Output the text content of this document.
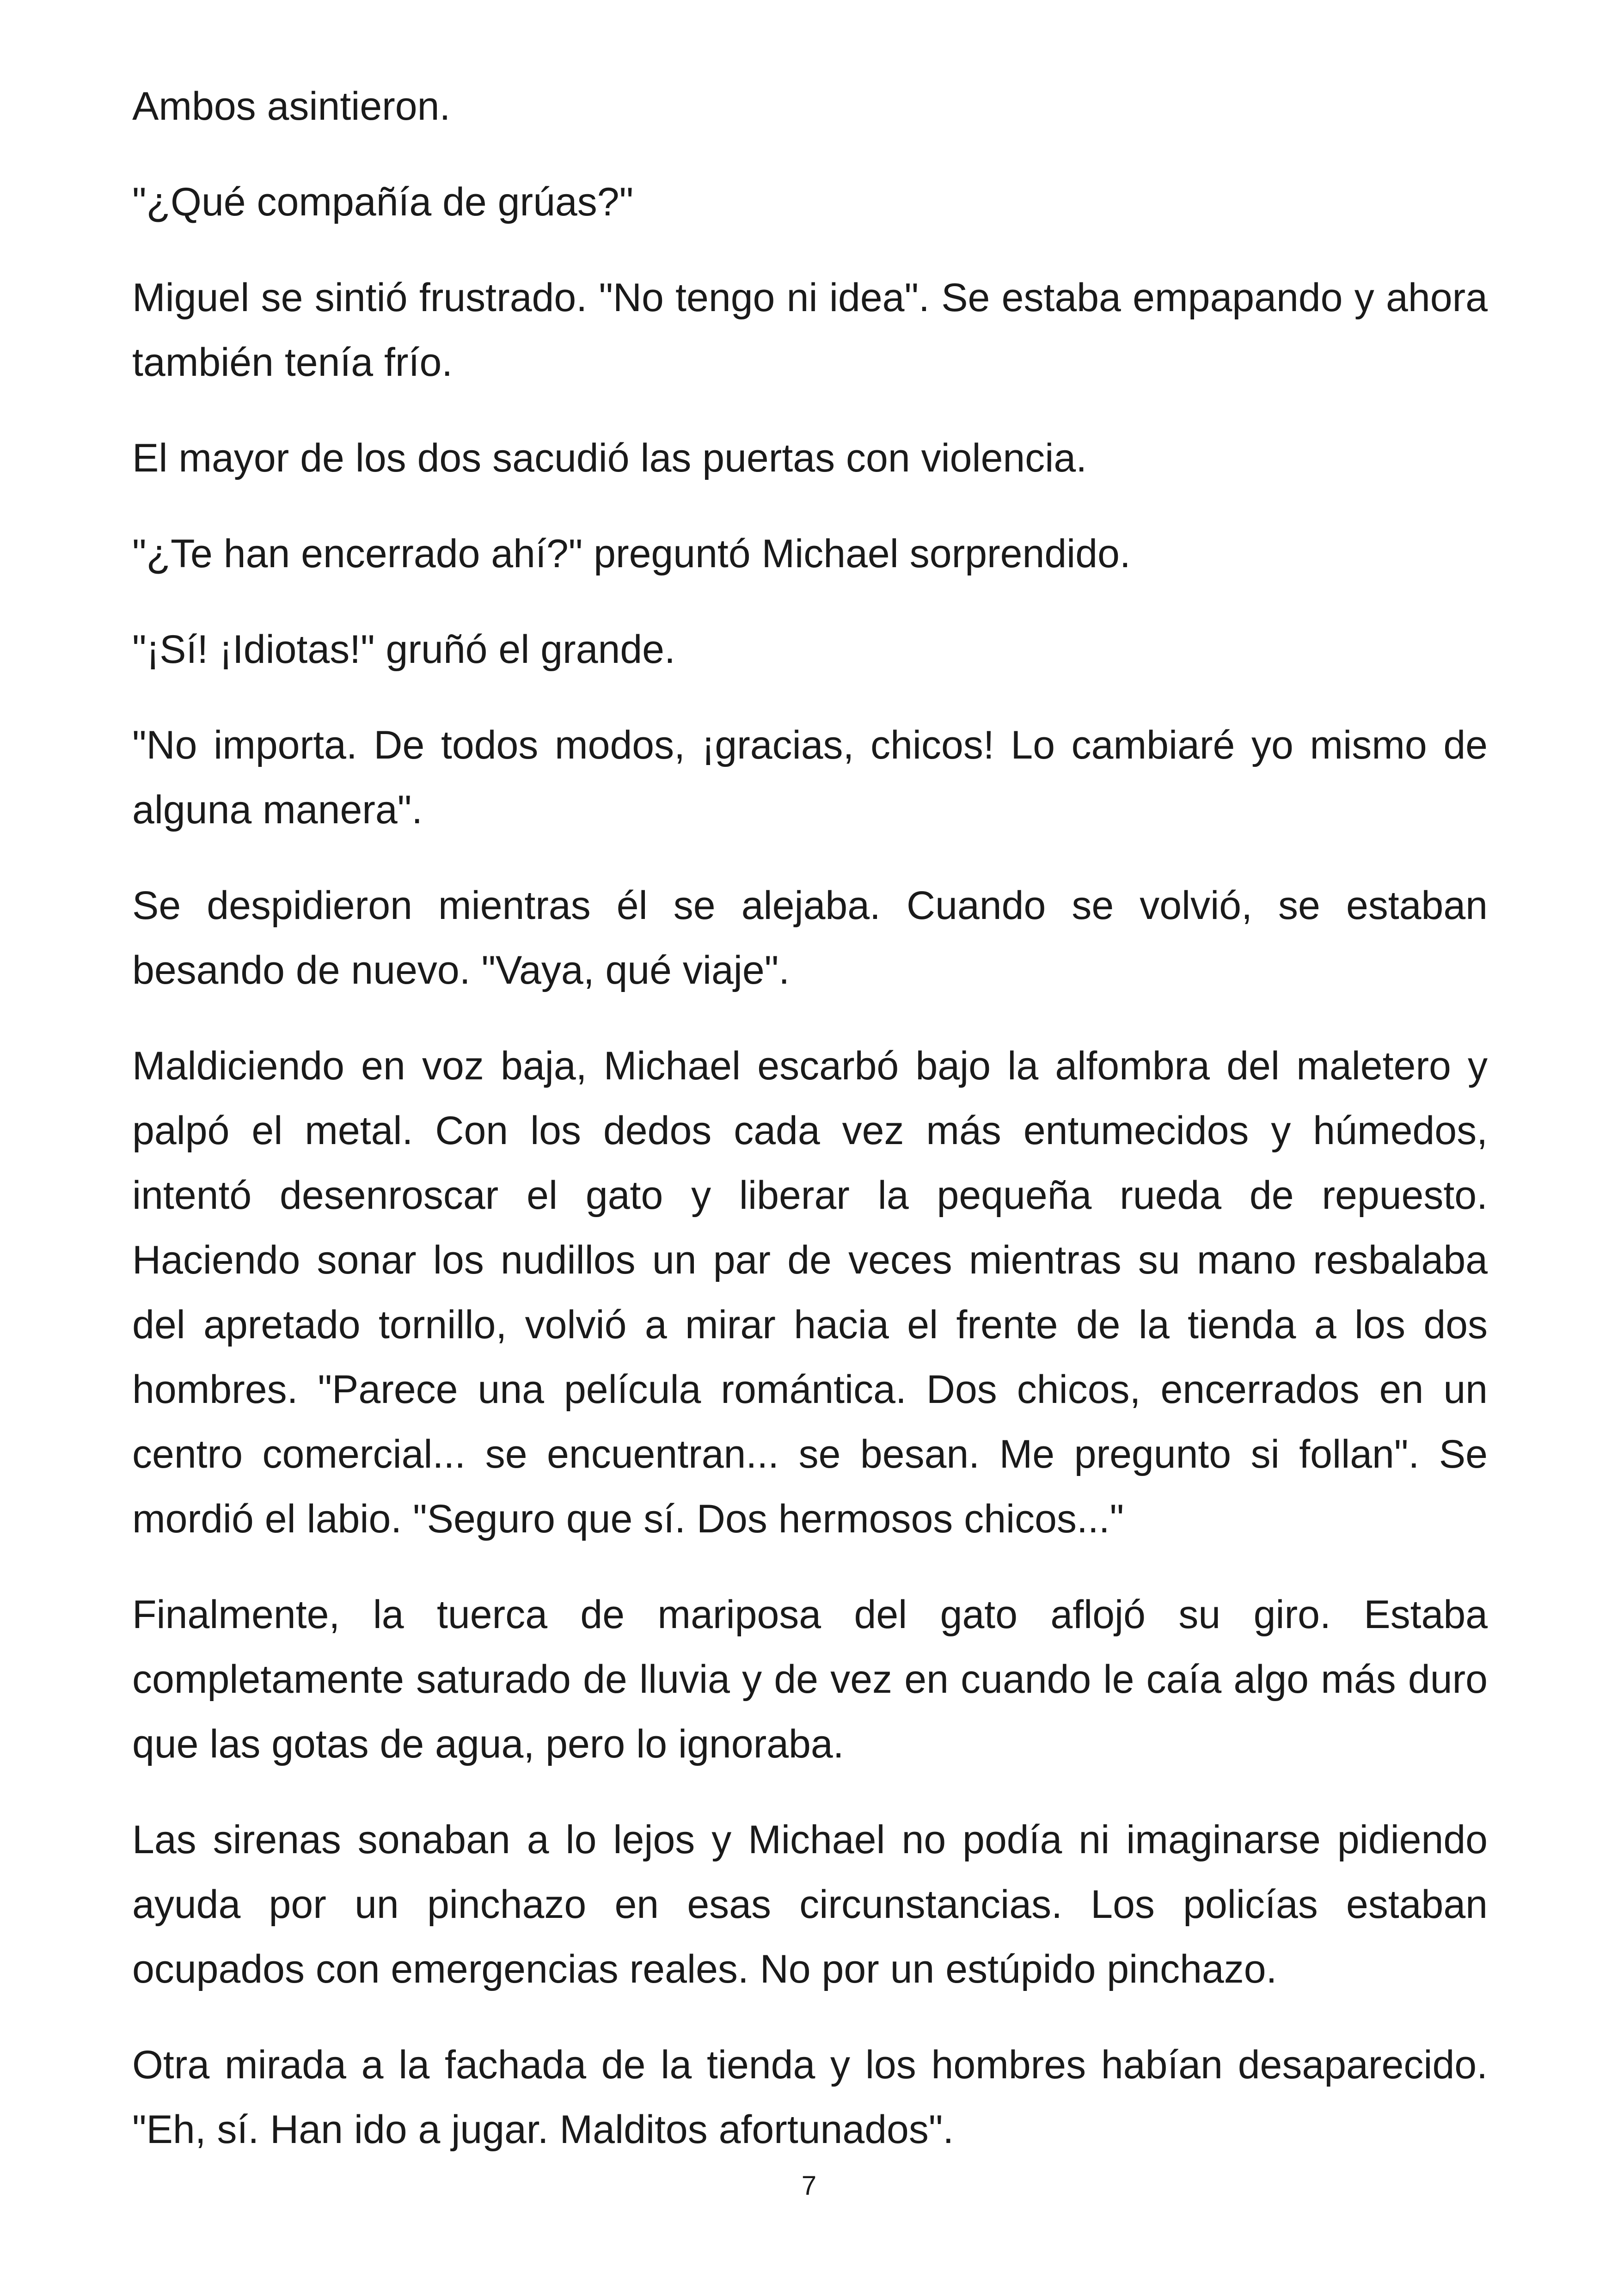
Ambos asintieron.

"¿Qué compañía de grúas?"

Miguel se sintió frustrado. "No tengo ni idea". Se estaba empapando y ahora también tenía frío.

El mayor de los dos sacudió las puertas con violencia.

"¿Te han encerrado ahí?" preguntó Michael sorprendido.

"¡Sí! ¡Idiotas!" gruñó el grande.

"No importa. De todos modos, ¡gracias, chicos! Lo cambiaré yo mismo de alguna manera".

Se despidieron mientras él se alejaba. Cuando se volvió, se estaban besando de nuevo. "Vaya, qué viaje".

Maldiciendo en voz baja, Michael escarbó bajo la alfombra del maletero y palpó el metal. Con los dedos cada vez más entumecidos y húmedos, intentó desenroscar el gato y liberar la pequeña rueda de repuesto. Haciendo sonar los nudillos un par de veces mientras su mano resbalaba del apretado tornillo, volvió a mirar hacia el frente de la tienda a los dos hombres. "Parece una película romántica. Dos chicos, encerrados en un centro comercial... se encuentran... se besan. Me pregunto si follan". Se mordió el labio. "Seguro que sí. Dos hermosos chicos..."

Finalmente, la tuerca de mariposa del gato aflojó su giro. Estaba completamente saturado de lluvia y de vez en cuando le caía algo más duro que las gotas de agua, pero lo ignoraba.

Las sirenas sonaban a lo lejos y Michael no podía ni imaginarse pidiendo ayuda por un pinchazo en esas circunstancias. Los policías estaban ocupados con emergencias reales. No por un estúpido pinchazo.

Otra mirada a la fachada de la tienda y los hombres habían desaparecido. "Eh, sí. Han ido a jugar. Malditos afortunados".

7
